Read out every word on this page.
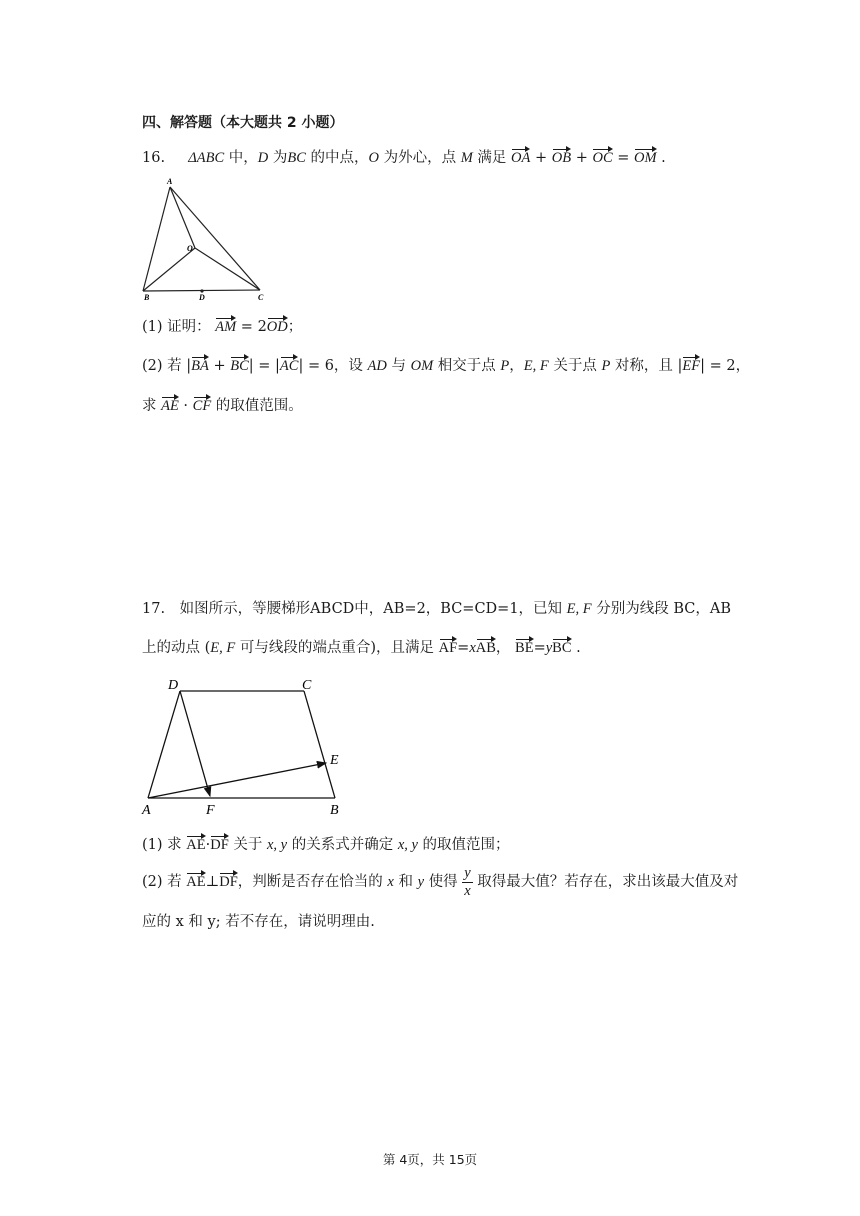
四、解答题（本大题共 2 小题）
16. ΔABC 中，D 为BC 的中点，O 为外心，点 M 满足 OA + OB + OC = OM .
A
O
B	D	C
(1) 证明： AM = 2OD；
(2) 若 |BA + BC| = |AC| = 6，设 AD 与 OM 相交于点 P，E, F 关于点 P 对称，且 |EF| = 2，
求 AE · CF 的取值范围。
17. 如图所示，等腰梯形ABCD中，AB=2，BC=CD=1，已知 E, F 分别为线段 BC，AB
上的动点 (E, F 可与线段的端点重合)，且满足 AF=xAB， BE=yBC .
A	F	B
D	C
E
(1) 求 AE·DF 关于 x, y 的关系式并确定 x, y 的取值范围；
(2) 若 AE⊥DF，判断是否存在恰当的 x 和 y 使得 $\frac{y}{x}$ 取得最大值？若存在，求出该最大值及对
应的 x 和 y; 若不存在，请说明理由.
第 4页，共 15页
